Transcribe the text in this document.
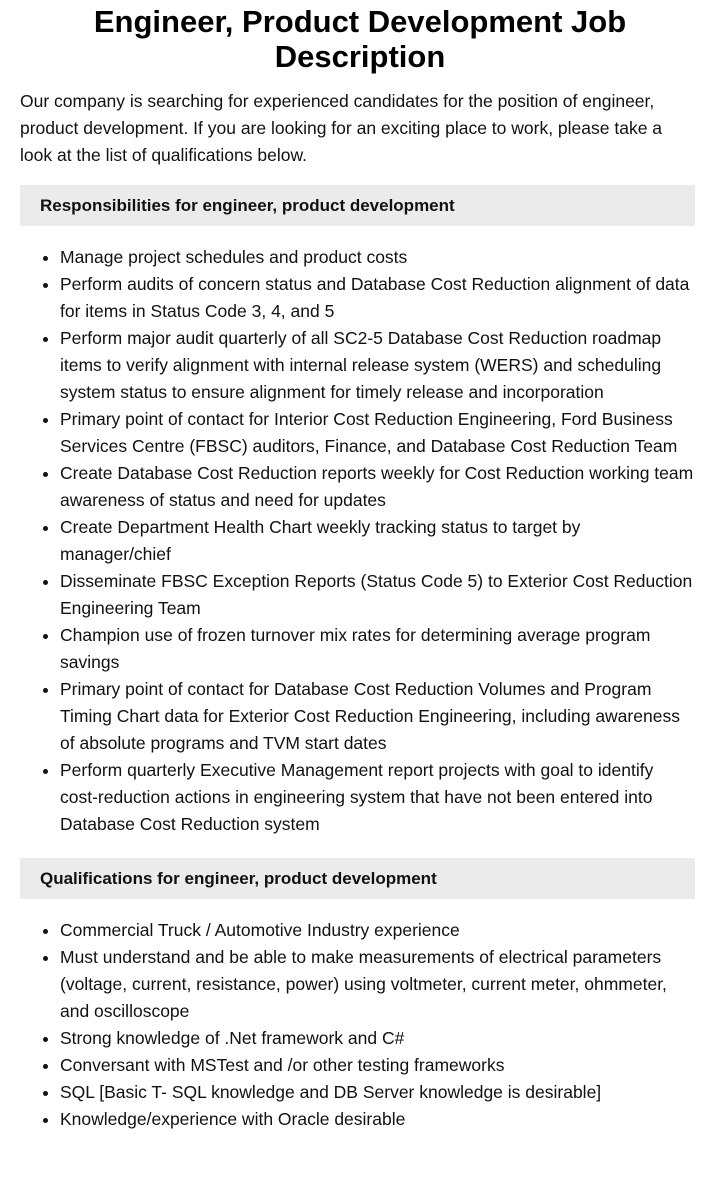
Engineer, Product Development Job Description

Our company is searching for experienced candidates for the position of engineer, product development. If you are looking for an exciting place to work, please take a look at the list of qualifications below.

Responsibilities for engineer, product development
• Manage project schedules and product costs
• Perform audits of concern status and Database Cost Reduction alignment of data for items in Status Code 3, 4, and 5
• Perform major audit quarterly of all SC2-5 Database Cost Reduction roadmap items to verify alignment with internal release system (WERS) and scheduling system status to ensure alignment for timely release and incorporation
• Primary point of contact for Interior Cost Reduction Engineering, Ford Business Services Centre (FBSC) auditors, Finance, and Database Cost Reduction Team
• Create Database Cost Reduction reports weekly for Cost Reduction working team awareness of status and need for updates
• Create Department Health Chart weekly tracking status to target by manager/chief
• Disseminate FBSC Exception Reports (Status Code 5) to Exterior Cost Reduction Engineering Team
• Champion use of frozen turnover mix rates for determining average program savings
• Primary point of contact for Database Cost Reduction Volumes and Program Timing Chart data for Exterior Cost Reduction Engineering, including awareness of absolute programs and TVM start dates
• Perform quarterly Executive Management report projects with goal to identify cost-reduction actions in engineering system that have not been entered into Database Cost Reduction system
Qualifications for engineer, product development
• Commercial Truck / Automotive Industry experience
• Must understand and be able to make measurements of electrical parameters (voltage, current, resistance, power) using voltmeter, current meter, ohmmeter, and oscilloscope
• Strong knowledge of .Net framework and C#
• Conversant with MSTest and /or other testing frameworks
• SQL [Basic T- SQL knowledge and DB Server knowledge is desirable]
• Knowledge/experience with Oracle desirable
